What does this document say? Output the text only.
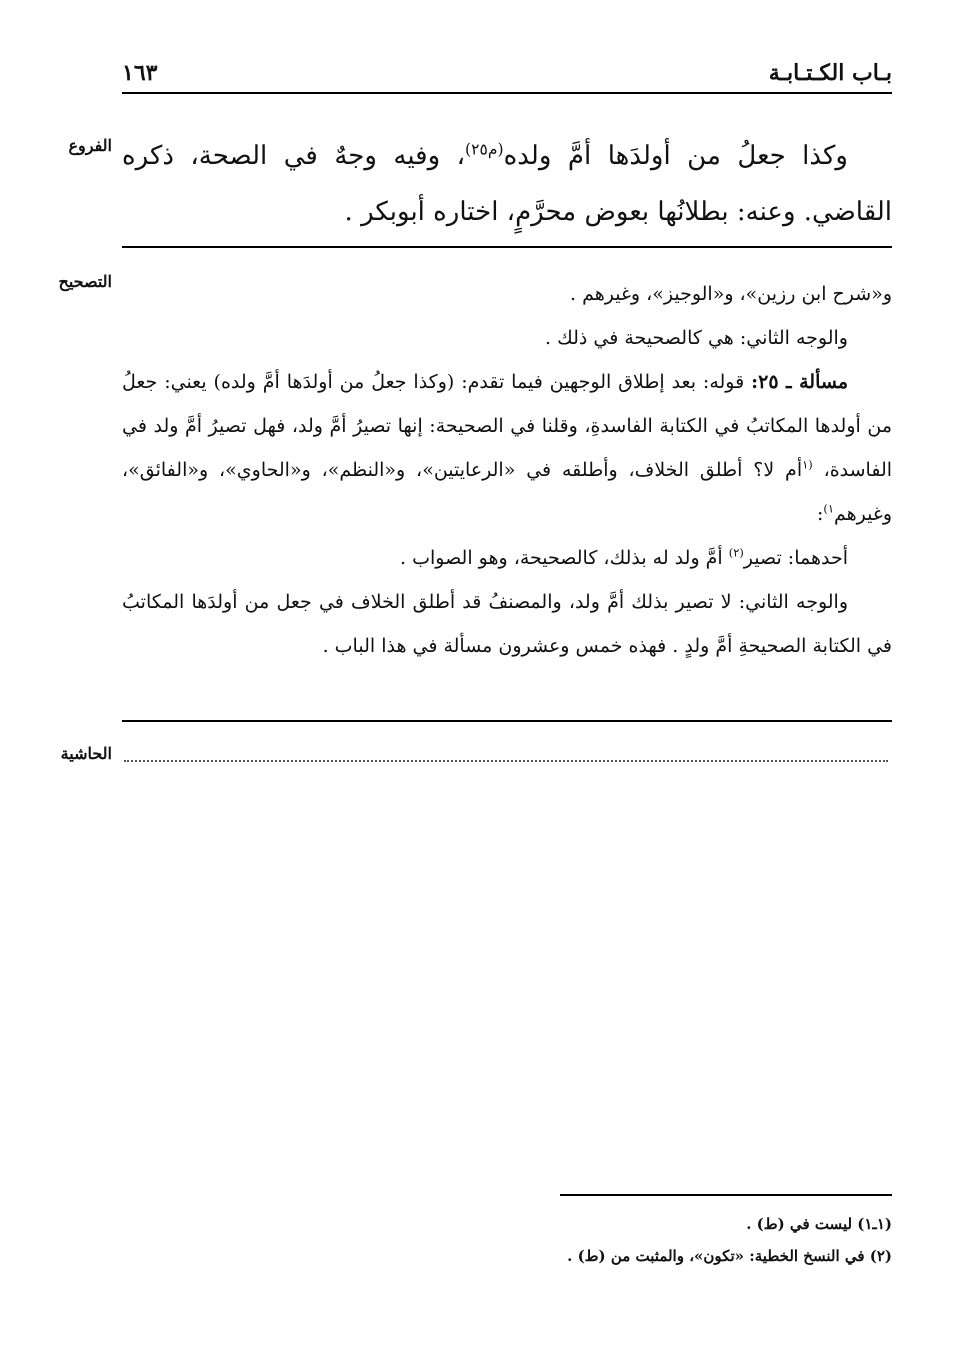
بـاب الكـتـابـة
١٦٣
الفروع	وكذا جعلُ من أولدَها أمَّ ولده$^{(م٢٥)}$، وفيه وجهٌ في الصحة، ذكره القاضي. وعنه: بطلانُها بعوض محرَّمٍ، اختاره أبوبكر .

التصحيح

و«شرح ابن رزين»، و«الوجيز»، وغيرهم .

والوجه الثاني: هي كالصحيحة في ذلك .

مسألة ـ ٢٥: قوله: بعد إطلاق الوجهين فيما تقدم: (وكذا جعلُ من أولدَها أمَّ ولده) يعني: جعلُ من أولدها المكاتبُ في الكتابة الفاسدةِ، وقلنا في الصحيحة: إنها تصيرُ أمَّ ولد، فهل تصيرُ أمَّ ولد في الفاسدة، $^{(١}$أم لا؟ أطلق الخلاف، وأطلقه في «الرعايتين»، و«النظم»، و«الحاوي»، و«الفائق»، وغيرهم$^{١)}$:

أحدهما: تصير$^{(٢)}$ أمَّ ولد له بذلك، كالصحيحة، وهو الصواب .

والوجه الثاني: لا تصير بذلك أمَّ ولد، والمصنفُ قد أطلق الخلاف في جعل من أولدَها المكاتبُ في الكتابة الصحيحةِ أمَّ ولدٍ . فهذه خمس وعشرون مسألة في هذا الباب .

الحاشية

(١ـ١) ليست في (ط) .

(٢) في النسخ الخطية: «تكون»، والمثبت من (ط) .
